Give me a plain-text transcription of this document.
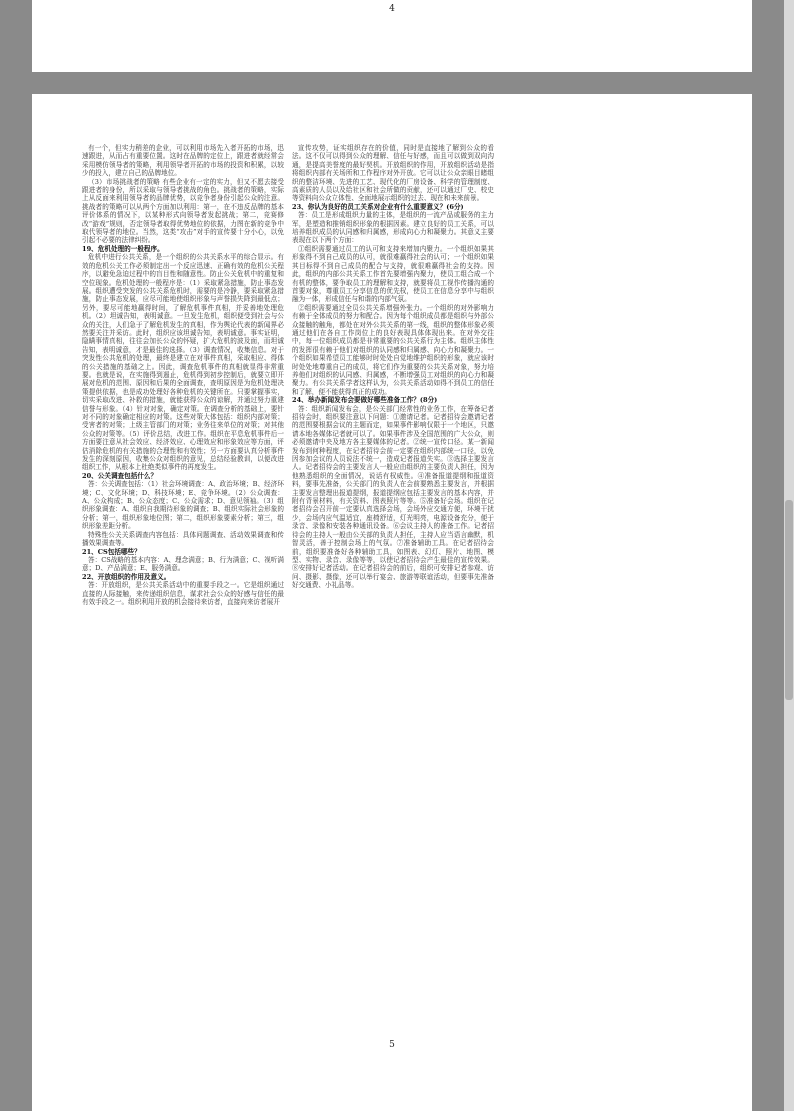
4

有一个，但实力稍差的企业，可以利用市场先入者开拓的市场，迅速跟进，从而占有重要位置。这时在品牌的定位上，跟进者就经常会采用模仿领导者的策略，利用领导者开拓的市场的投资和积累，以较少的投入，建立自己的品牌地位。

（3）市场挑战者的策略 有些企业有一定的实力，但又不愿去接受跟进者的身份，所以采取与领导者挑战的角色。挑战者的策略，实际上从反面来利用领导者的品牌优势，以竞争者身份引起公众的注意。挑战者的策略可以从两个方面加以利用：第一，在不违反品牌的基本评价体系的情况下，以某种形式向领导者发起挑战；第二，竞赛修改“游戏”规则，否定领导者取得优势地位的依据，力图在新的竞争中取代领导者的地位。当然，这类“攻击”对手的宣传要十分小心，以免引起不必要的法律纠纷。

19、危机处理的一般程序。

危机中进行公共关系，是一个组织的公共关系水平的综合显示。有效的危机公关工作必须制定出一个反应迅速、正确有效的危机公关程序，以避免急迫过程中的盲目性和随意性。防止公关危机中的重复和空位现象。危机处理的一般程序是：（1）采取紧急措施，防止事态发展。组织遭受突发的公共关系危机时，需要的是冷静，要采取紧急措施，防止事态发展，应尽可能地使组织形象与声誉损失降到最低点；另外，要尽可能地赢得时间，了解危机事件真相，并妥善地处理危机。（2）坦诚告知，表明诚意。一旦发生危机，组织便受到社会与公众的关注，人们急于了解危机发生的真相，作为舆论代表的新闻界必然要关注并采访。此时，组织应该坦诚告知，表明诚意。事实证明，隐瞒事情真相，往往会加长公众的怀疑，扩大危机的波及面，而坦诚告知，表明诚意，才是最佳的选择。（3）调查情况，收集信息。对于突发性公共危机的处理，最终是建立在对事件真相，采取相应、得体的公关措施的基础之上。因此，调查危机事件的真相就显得非常重要。也就是说，在实施得到遏止，危机得到初步控制后，就要立即开展对危机的范围、原因和后果的全面调查，查明原因是为危机处理决策提供依据，也是成功处理好各种危机的关键所在。只要掌握事实，切实采取改进、补救的措施，就能获得公众的谅解，并通过努力重建信誉与形象。（4）针对对象，确定对策。在调查分析的基础上，要针对不同的对象确定相应的对策。这些对策大体包括：组织内部对策；受害者的对策；上级主管部门的对策；业务往来单位的对策；对其他公众的对策等。（5）评价总结，改进工作。组织在平息危机事件后一方面要注意从社会效应、经济效应、心理效应和形象效应等方面，评估消除危机的有关措施的合理性和有效性；另一方面要认真分析事件发生的深刻原因，收集公众对组织的意见，总结经验教训，以便改进组织工作，从根本上杜绝类似事件的再度发生。

20、公关调查包括什么？

答：公关调查包括：（1）社会环境调查：A、政治环境；B、经济环境；C、文化环境；D、科技环境；E、竞争环境。（2）公众调查：A、公众构成；B、公众态度；C、公众需求；D、意见领袖。（3）组织形象调查：A、组织自我期待形象的调查；B、组织实际社会形象的分析；第一，组织形象地位图；第二，组织形象要素分析；第三，组织形象差距分析。

特殊性公关关系调查内容包括：具体问题调查、活动效果调查和传播效果调查等。

21、CS包括哪些？

答：CS战略的基本内容：A、理念满意；B、行为满意；C、视听满意；D、产品满意；E、服务满意。

22、开放组织的作用及意义。

答：开放组织，是公共关系活动中的重要手段之一。它是组织通过直接的人际接触，来传递组织信息，谋求社会公众的好感与信任的最有效手段之一。组织利用开放的机会接待来访者，直接向来访者展开

宣传攻势，证实组织存在的价值，同时是直接地了解到公众的看法。这不仅可以得到公众的理解、信任与好感，而且可以做到双向沟通，是提高美誉度的最好契机。开放组织的作用，开放组织活动是指将组织内部有关场所和工作程序对外开放。它可以让公众亲眼目睹组织的整洁环境、先进的工艺、现代化的厂房设备、科学的管理制度、高素质的人员以及给社区和社会所做的贡献，还可以通过厂史、校史等资料向公众立体性、全面地展示组织的过去、现在和未来前景。

23、你认为良好的员工关系对企业有什么重要意义？(6分)

答：员工是形成组织力量的主体，是组织的一流产品或服务的主力军，是塑造和推销组织形象的根据因素。建立良好的员工关系，可以培养组织成员的认同感和归属感，形成向心力和凝聚力。其意义主要表现在以下两个方面：

①组织需要通过员工的认可和支持来增加内聚力。一个组织如果其形象得不到自己成员的认可，就很难赢得社会的认可；一个组织如果其目标得不到自己成员的配合与支持，就很难赢得社会的支持。因此，组织的内部公共关系工作首先要增强内聚力，使员工组合成一个有机的整体，要争取员工的理解和支持，就要将员工视作传播沟通的首要对象，尊重员工分享信息的优先权，使员工在信息分享中与组织融为一体，形成信任与和谐的内部气氛。

②组织需要通过全员公共关系增强外张力。一个组织的对外影响力有赖于全体成员的努力和配合。因为每个组织成员都是组织与外部公众接触的触角，都处在对外公共关系的第一线，组织的整体形象必须通过他们在各自工作岗位上的良好表现具体体现出来。在对外交往中，每一位组织成员都是非常重要的公共关系行为主体。组织主体性的发挥很有赖于他们对组织的认同感和归属感、向心力和凝聚力。一个组织如果希望员工能够时时处处自觉地维护组织的形象，就应该时时处处地尊重自己的成员，将它们作为重要的公共关系对象，努力培养他们对组织的认同感、归属感，不断增强员工对组织的向心力和凝聚力。有公共关系学者这样认为，公共关系活动如得不到员工的信任和了解，便不能获得真正的成功。

24、举办新闻发布会要做好哪些准备工作？(8分)

答：组织新闻发布会，是公关部门经常性的业务工作，在筹备记者招待会时，组织要注意以下问题：①邀请记者。记者招待会邀请记者的范围要根据会议的主题而定，如果事件影响仅限于一个地区，只邀请本地各媒体记者就可以了。如果事件涉及全国范围的广大公众，则必须邀请中央及地方各主要媒体的记者。②统一宣传口径。某一新闻发布到何种程度，在记者招待会前一定要在组织内部统一口径，以免因参加会议的人员说法不统一，造成记者报道失实。③选择主要发言人。记者招待会的主要发言人一般应由组织的主要负责人担任，因为他熟悉组织的全面情况，说话有权威性。④准备报道提纲和报道资料，要事先准备，公关部门的负责人在会前要熟悉主要发言，并根据主要发言整理出报道提纲，报道提纲应包括主要发言的基本内容，并附有背景材料，有关资料、图表照片等等。⑤准备好会场。组织在记者招待会召开前一定要认真选择会场，会场外应交通方便，环境干扰少，会场内应气温适宜，座椅舒适，灯光明亮，电源设备充分，便于录音、录像和安装各种通讯设备。⑥会议主持人的准备工作。记者招待会的主持人一般由公关部的负责人担任，主持人应当语言幽默，机智灵活，善于控制会场上的气氛。⑦准备辅助工具。在记者招待会前，组织要准备好各种辅助工具，如图表、幻灯、照片、地图、模型、实物、录音、录像等等，以使记者招待会产生最佳的宣传效果。⑧安排好记者活动。在记者招待会的前后，组织可安排记者参观、访问、摄影、摄像，还可以举行宴会、旅游等联谊活动，但要事先准备好交通费、小礼品等。

5
